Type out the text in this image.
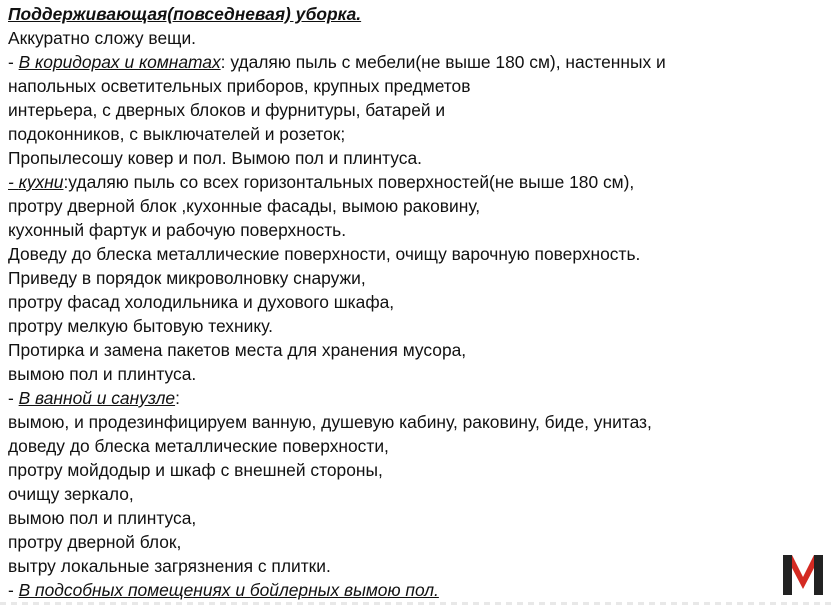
Поддерживающая(повседневая) уборка.
Аккуратно сложу вещи.
- В коридорах и комнатах: удаляю пыль с мебели(не выше 180 см), настенных и
напольных осветительных приборов, крупных предметов
интерьера, с дверных блоков и фурнитуры, батарей и
подоконников, с выключателей и розеток;
Пропылесошу ковер и пол. Вымою пол и плинтуса.
- кухни:удаляю пыль со всех горизонтальных поверхностей(не выше 180 см),
протру дверной блок ,кухонные фасады, вымою раковину,
кухонный фартук и рабочую поверхность.
Доведу до блеска металлические поверхности, очищу варочную поверхность.
Приведу в порядок микроволновку снаружи,
протру фасад холодильника и духового шкафа,
протру мелкую бытовую технику.
Протирка и замена пакетов места для хранения мусора,
вымою пол и плинтуса.
- В ванной и санузле:
вымою, и продезинфицируем ванную, душевую кабину, раковину, биде, унитаз,
доведу до блеска металлические поверхности,
протру мойдодыр и шкаф с внешней стороны,
очищу зеркало,
вымою пол и плинтуса,
протру дверной блок,
вытру локальные загрязнения с плитки.
- В подсобных помещениях и бойлерных вымою пол.
